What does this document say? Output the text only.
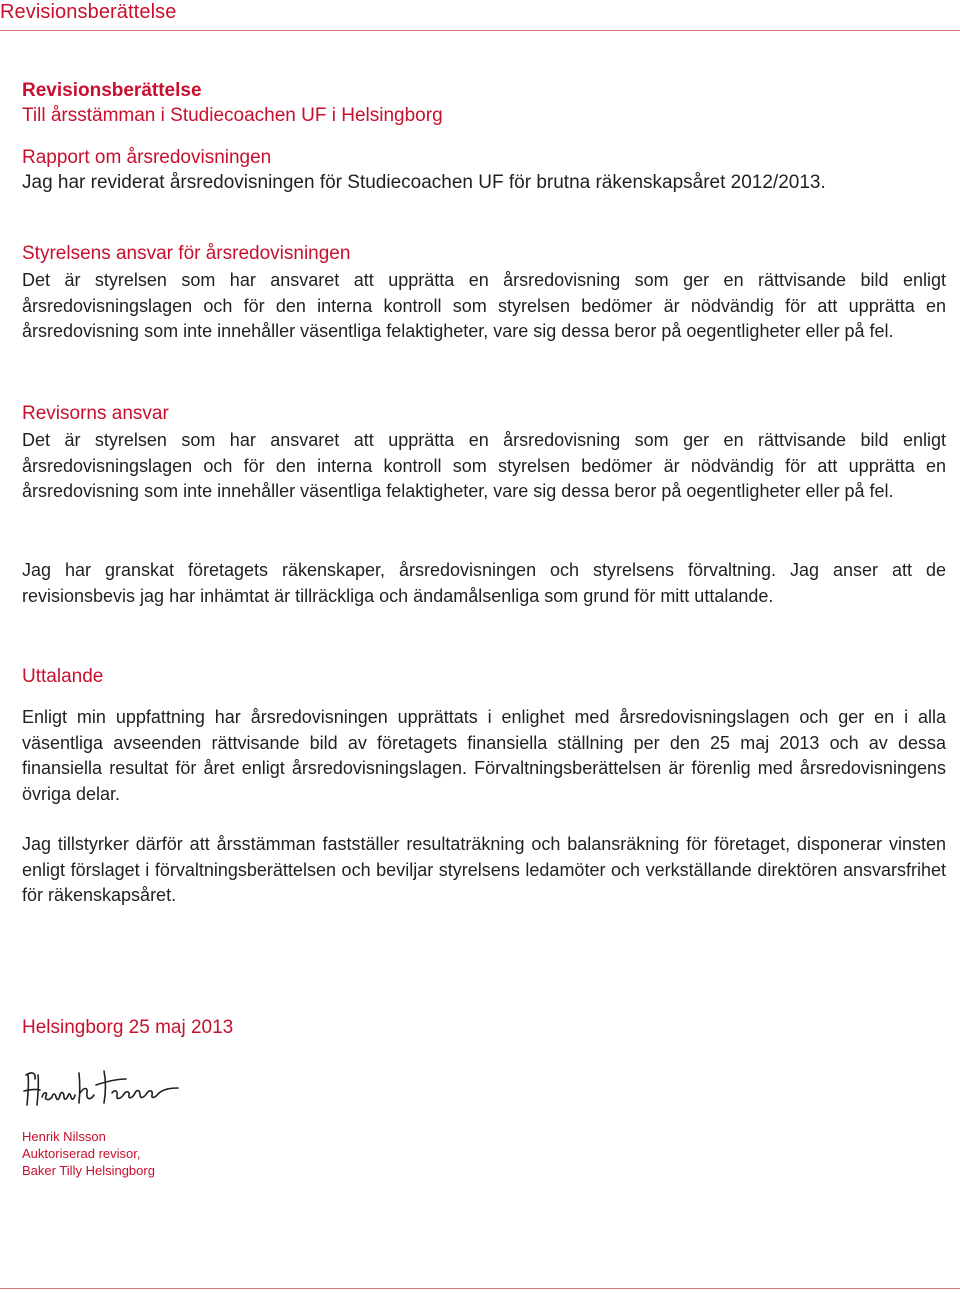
Revisionsberättelse
Revisionsberättelse
Till årsstämman i Studiecoachen UF i Helsingborg
Rapport om årsredovisningen
Jag har reviderat årsredovisningen för Studiecoachen UF för brutna räkenskapsåret 2012/2013.
Styrelsens ansvar för årsredovisningen

Det är styrelsen som har ansvaret att upprätta en årsredovisning som ger en rättvisande bild enligt årsredovisningslagen och för den interna kontroll som styrelsen bedömer är nödvändig för att upprätta en årsredovisning som inte innehåller väsentliga felaktigheter, vare sig dessa beror på oegentligheter eller på fel.

Revisorns ansvar

Det är styrelsen som har ansvaret att upprätta en årsredovisning som ger en rättvisande bild enligt årsredovisningslagen och för den interna kontroll som styrelsen bedömer är nödvändig för att upprätta en årsredovisning som inte innehåller väsentliga felaktigheter, vare sig dessa beror på oegentligheter eller på fel.

Jag har granskat företagets räkenskaper, årsredovisningen och styrelsens förvaltning. Jag anser att de revisionsbevis jag har inhämtat är tillräckliga och ändamålsenliga som grund för mitt uttalande.

Uttalande

Enligt min uppfattning har årsredovisningen upprättats i enlighet med årsredovisningslagen och ger en i alla väsentliga avseenden rättvisande bild av företagets finansiella ställning per den 25 maj 2013 och av dessa finansiella resultat för året enligt årsredovisningslagen. Förvaltningsberättelsen är förenlig med årsredovisningens övriga delar.

Jag tillstyrker därför att årsstämman fastställer resultaträkning och balansräkning för företaget, disponerar vinsten enligt förslaget i förvaltningsberättelsen och beviljar styrelsens ledamöter och verkställande direktören ansvarsfrihet för räkenskapsåret.

Helsingborg 25 maj 2013
Henrik Nilsson
Auktoriserad revisor,
Baker Tilly Helsingborg
